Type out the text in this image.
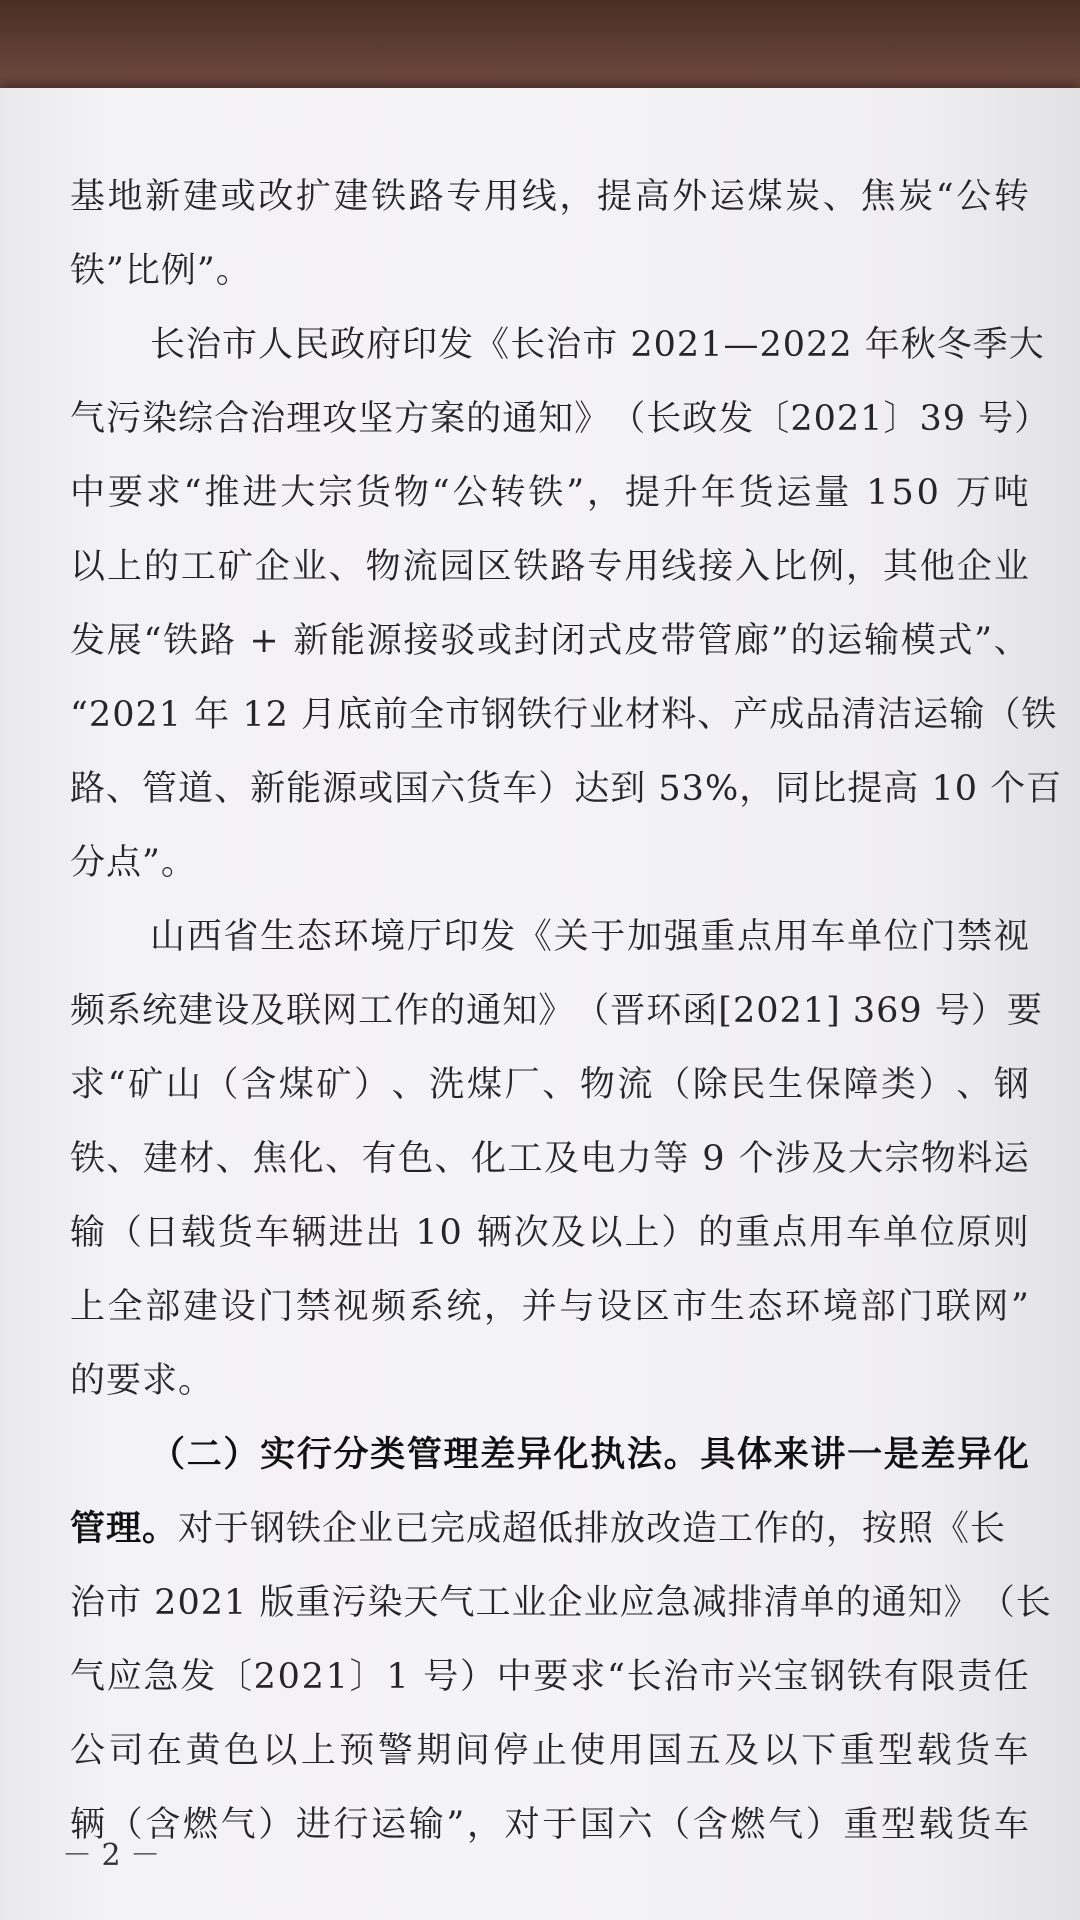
基 地 新 建 或 改 扩 建 铁 路 专 用 线 ， 提 高 外 运 煤 炭 、 焦 炭 “ 公 转
铁”比例”。
长 治 市 人 民 政 府 印 发 《 长 治 市
2 0 2 1 — 2 0 2 2
年 秋 冬 季 大
气 污 染 综 合 治 理 攻 坚 方 案 的 通 知 》 （ 长 政 发 〔 2 0 2 1 〕 3 9
号 ）
中 要 求 “ 推 进 大 宗 货 物 “ 公 转 铁 ” ， 提 升 年 货 运 量
1 5 0
万 吨
以 上 的 工 矿 企 业 、 物 流 园 区 铁 路 专 用 线 接 入 比 例 ， 其 他 企 业
发 展 “ 铁 路
+
新 能 源 接 驳 或 封 闭 式 皮 带 管 廊 ” 的 运 输 模 式 ” 、
“ 2 0 2 1
年
1 2
月 底 前 全 市 钢 铁 行 业 材 料 、 产 成 品 清 洁 运 输 （ 铁
路 、 管 道 、 新 能 源 或 国 六 货 车 ） 达 到
5 3 % ， 同 比 提 高
1 0
个 百
分点”。
山 西 省 生 态 环 境 厅 印 发 《 关 于 加 强 重 点 用 车 单 位 门 禁 视
频 系 统 建 设 及 联 网 工 作 的 通 知 》 （ 晋 环 函 [ 2 0 2 1 ]
3 6 9
号 ） 要
求 “ 矿 山 （ 含 煤 矿 ） 、 洗 煤 厂 、 物 流 （ 除 民 生 保 障 类 ） 、 钢
铁 、 建 材 、 焦 化 、 有 色 、 化 工 及 电 力 等
9
个 涉 及 大 宗 物 料 运
输 （ 日 载 货 车 辆 进 出
1 0
辆 次 及 以 上 ） 的 重 点 用 车 单 位 原 则
上 全 部 建 设 门 禁 视 频 系 统 ， 并 与 设 区 市 生 态 环 境 部 门 联 网 ”
的要求。
（ 二 ） 实 行 分 类 管 理 差 异 化 执 法 。 具 体 来 讲 一 是 差 异 化
管理。 对于钢铁企业已完成超低排放改造工作的，按照《长
治 市
2 0 2 1
版 重 污 染 天 气 工 业 企 业 应 急 减 排 清 单 的 通 知 》 （ 长
气 应 急 发 〔 2 0 2 1 〕 1
号 ） 中 要 求 “ 长 治 市 兴 宝 钢 铁 有 限 责 任
公 司 在 黄 色 以 上 预 警 期 间 停 止 使 用 国 五 及 以 下 重 型 载 货 车
辆 （ 含 燃 气 ） 进 行 运 输 ” ， 对 于 国 六 （ 含 燃 气 ） 重 型 载 货 车
－ 2 －
